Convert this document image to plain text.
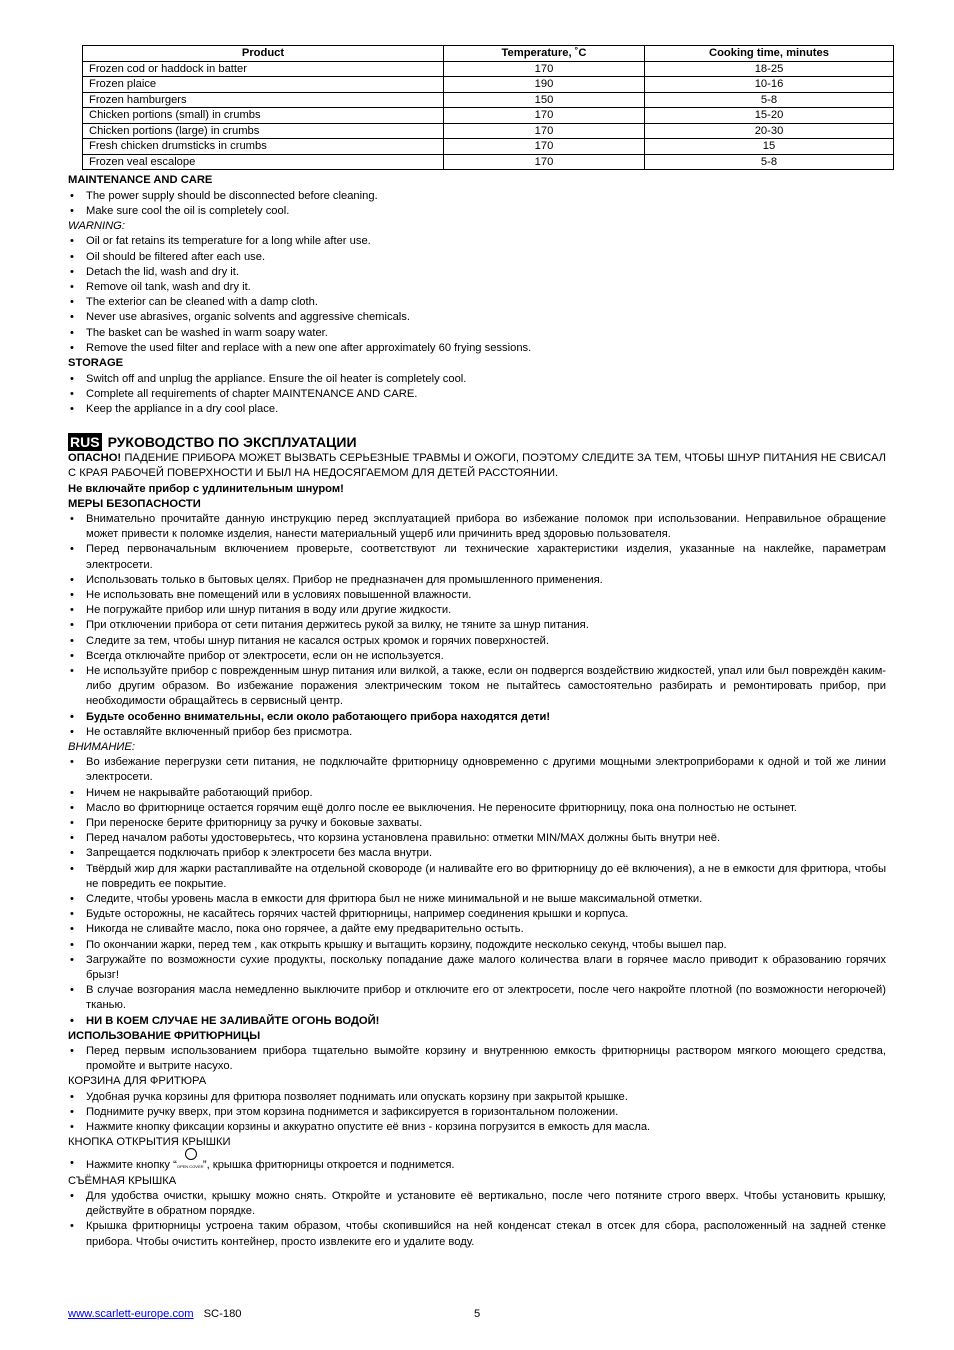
Product	Temperature, ˚C	Cooking time, minutes
Frozen cod or haddock in batter	170	18-25
Frozen plaice	190	10-16
Frozen hamburgers	150	5-8
Chicken portions (small) in crumbs	170	15-20
Chicken portions (large) in crumbs	170	20-30
Fresh chicken drumsticks in crumbs	170	15
Frozen veal escalope	170	5-8
MAINTENANCE AND CARE
• The power supply should be disconnected before cleaning.
• Make sure cool the oil is completely cool.
WARNING:
• Oil or fat retains its temperature for a long while after use.
• Oil should be filtered after each use.
• Detach the lid, wash and dry it.
• Remove oil tank, wash and dry it.
• The exterior can be cleaned with a damp cloth.
• Never use abrasives, organic solvents and aggressive chemicals.
• The basket can be washed in warm soapy water.
• Remove the used filter and replace with a new one after approximately 60 frying sessions.
STORAGE
• Switch off and unplug the appliance. Ensure the oil heater is completely cool.
• Complete all requirements of chapter MAINTENANCE AND CARE.
• Keep the appliance in a dry cool place.
RUS РУКОВОДСТВО ПО ЭКСПЛУАТАЦИИ
ОПАСНО! ПАДЕНИЕ ПРИБОРА МОЖЕТ ВЫЗВАТЬ СЕРЬЕЗНЫЕ ТРАВМЫ И ОЖОГИ, ПОЭТОМУ СЛЕДИТЕ ЗА ТЕМ, ЧТОБЫ ШНУР ПИТАНИЯ НЕ СВИСАЛ С КРАЯ РАБОЧЕЙ ПОВЕРХНОСТИ И БЫЛ НА НЕДОСЯГАЕМОМ ДЛЯ ДЕТЕЙ РАССТОЯНИИ.
Не включайте прибор с удлинительным шнуром!
МЕРЫ БЕЗОПАСНОСТИ
• Внимательно прочитайте данную инструкцию перед эксплуатацией прибора во избежание поломок при использовании. Неправильное обращение может привести к поломке изделия, нанести материальный ущерб или причинить вред здоровью пользователя.
• Перед первоначальным включением проверьте, соответствуют ли технические характеристики изделия, указанные на наклейке, параметрам электросети.
• Использовать только в бытовых целях. Прибор не предназначен для промышленного применения.
• Не использовать вне помещений или в условиях повышенной влажности.
• Не погружайте прибор или шнур питания в воду или другие жидкости.
• При отключении прибора от сети питания держитесь рукой за вилку, не тяните за шнур питания.
• Следите за тем, чтобы шнур питания не касался острых кромок и горячих поверхностей.
• Всегда отключайте прибор от электросети, если он не используется.
• Не используйте прибор с поврежденным шнур питания или вилкой, а также, если он подвергся воздействию жидкостей, упал или был повреждён каким-либо другим образом. Во избежание поражения электрическим током не пытайтесь самостоятельно разбирать и ремонтировать прибор, при необходимости обращайтесь в сервисный центр.
• Будьте особенно внимательны, если около работающего прибора находятся дети!
• Не оставляйте включенный прибор без присмотра.
ВНИМАНИЕ:
• Во избежание перегрузки сети питания, не подключайте фритюрницу одновременно с другими мощными электроприборами к одной и той же линии электросети.
• Ничем не накрывайте работающий прибор.
• Масло во фритюрнице остается горячим ещё долго после ее выключения. Не переносите фритюрницу, пока она полностью не остынет.
• При переноске берите фритюрницу за ручку и боковые захваты.
• Перед началом работы удостоверьтесь, что корзина установлена правильно: отметки MIN/MAX должны быть внутри неё.
• Запрещается подключать прибор к электросети без масла внутри.
• Твёрдый жир для жарки растапливайте на отдельной сковороде (и наливайте его во фритюрницу до её включения), а не в емкости для фритюра, чтобы не повредить ее покрытие.
• Следите, чтобы уровень масла в емкости для фритюра был не ниже минимальной и не выше максимальной отметки.
• Будьте осторожны, не касайтесь горячих частей фритюрницы, например соединения крышки и корпуса.
• Никогда не сливайте масло, пока оно горячее, а дайте ему предварительно остыть.
• По окончании жарки, перед тем , как открыть крышку и вытащить корзину, подождите несколько секунд, чтобы вышел пар.
• Загружайте по возможности сухие продукты, поскольку попадание даже малого количества влаги в горячее масло приводит к образованию горячих брызг!
• В случае возгорания масла немедленно выключите прибор и отключите его от электросети, после чего накройте плотной (по возможности негорючей) тканью.
• НИ В КОЕМ СЛУЧАЕ НЕ ЗАЛИВАЙТЕ ОГОНЬ ВОДОЙ!
ИСПОЛЬЗОВАНИЕ ФРИТЮРНИЦЫ
• Перед первым использованием прибора тщательно вымойте корзину и внутреннюю емкость фритюрницы раствором мягкого моющего средства, промойте и вытрите насухо.
КОРЗИНА ДЛЯ ФРИТЮРА
• Удобная ручка корзины для фритюра позволяет поднимать или опускать корзину при закрытой крышке.
• Поднимите ручку вверх, при этом корзина поднимется и зафиксируется в горизонтальном положении.
• Нажмите кнопку фиксации корзины и аккуратно опустите её вниз - корзина погрузится в емкость для масла.
КНОПКА ОТКРЫТИЯ КРЫШКИ
• Нажмите кнопку “ OPEN COVER ”, крышка фритюрницы откроется и поднимется.
СЪЁМНАЯ КРЫШКА
• Для удобства очистки, крышку можно снять. Откройте и установите её вертикально, после чего потяните строго вверх. Чтобы установить крышку, действуйте в обратном порядке.
• Крышка фритюрницы устроена таким образом, чтобы скопившийся на ней конденсат стекал в отсек для сбора, расположенный на задней стенке прибора. Чтобы очистить контейнер, просто извлеките его и удалите воду.
www.scarlett-europe.com SC-180	5
